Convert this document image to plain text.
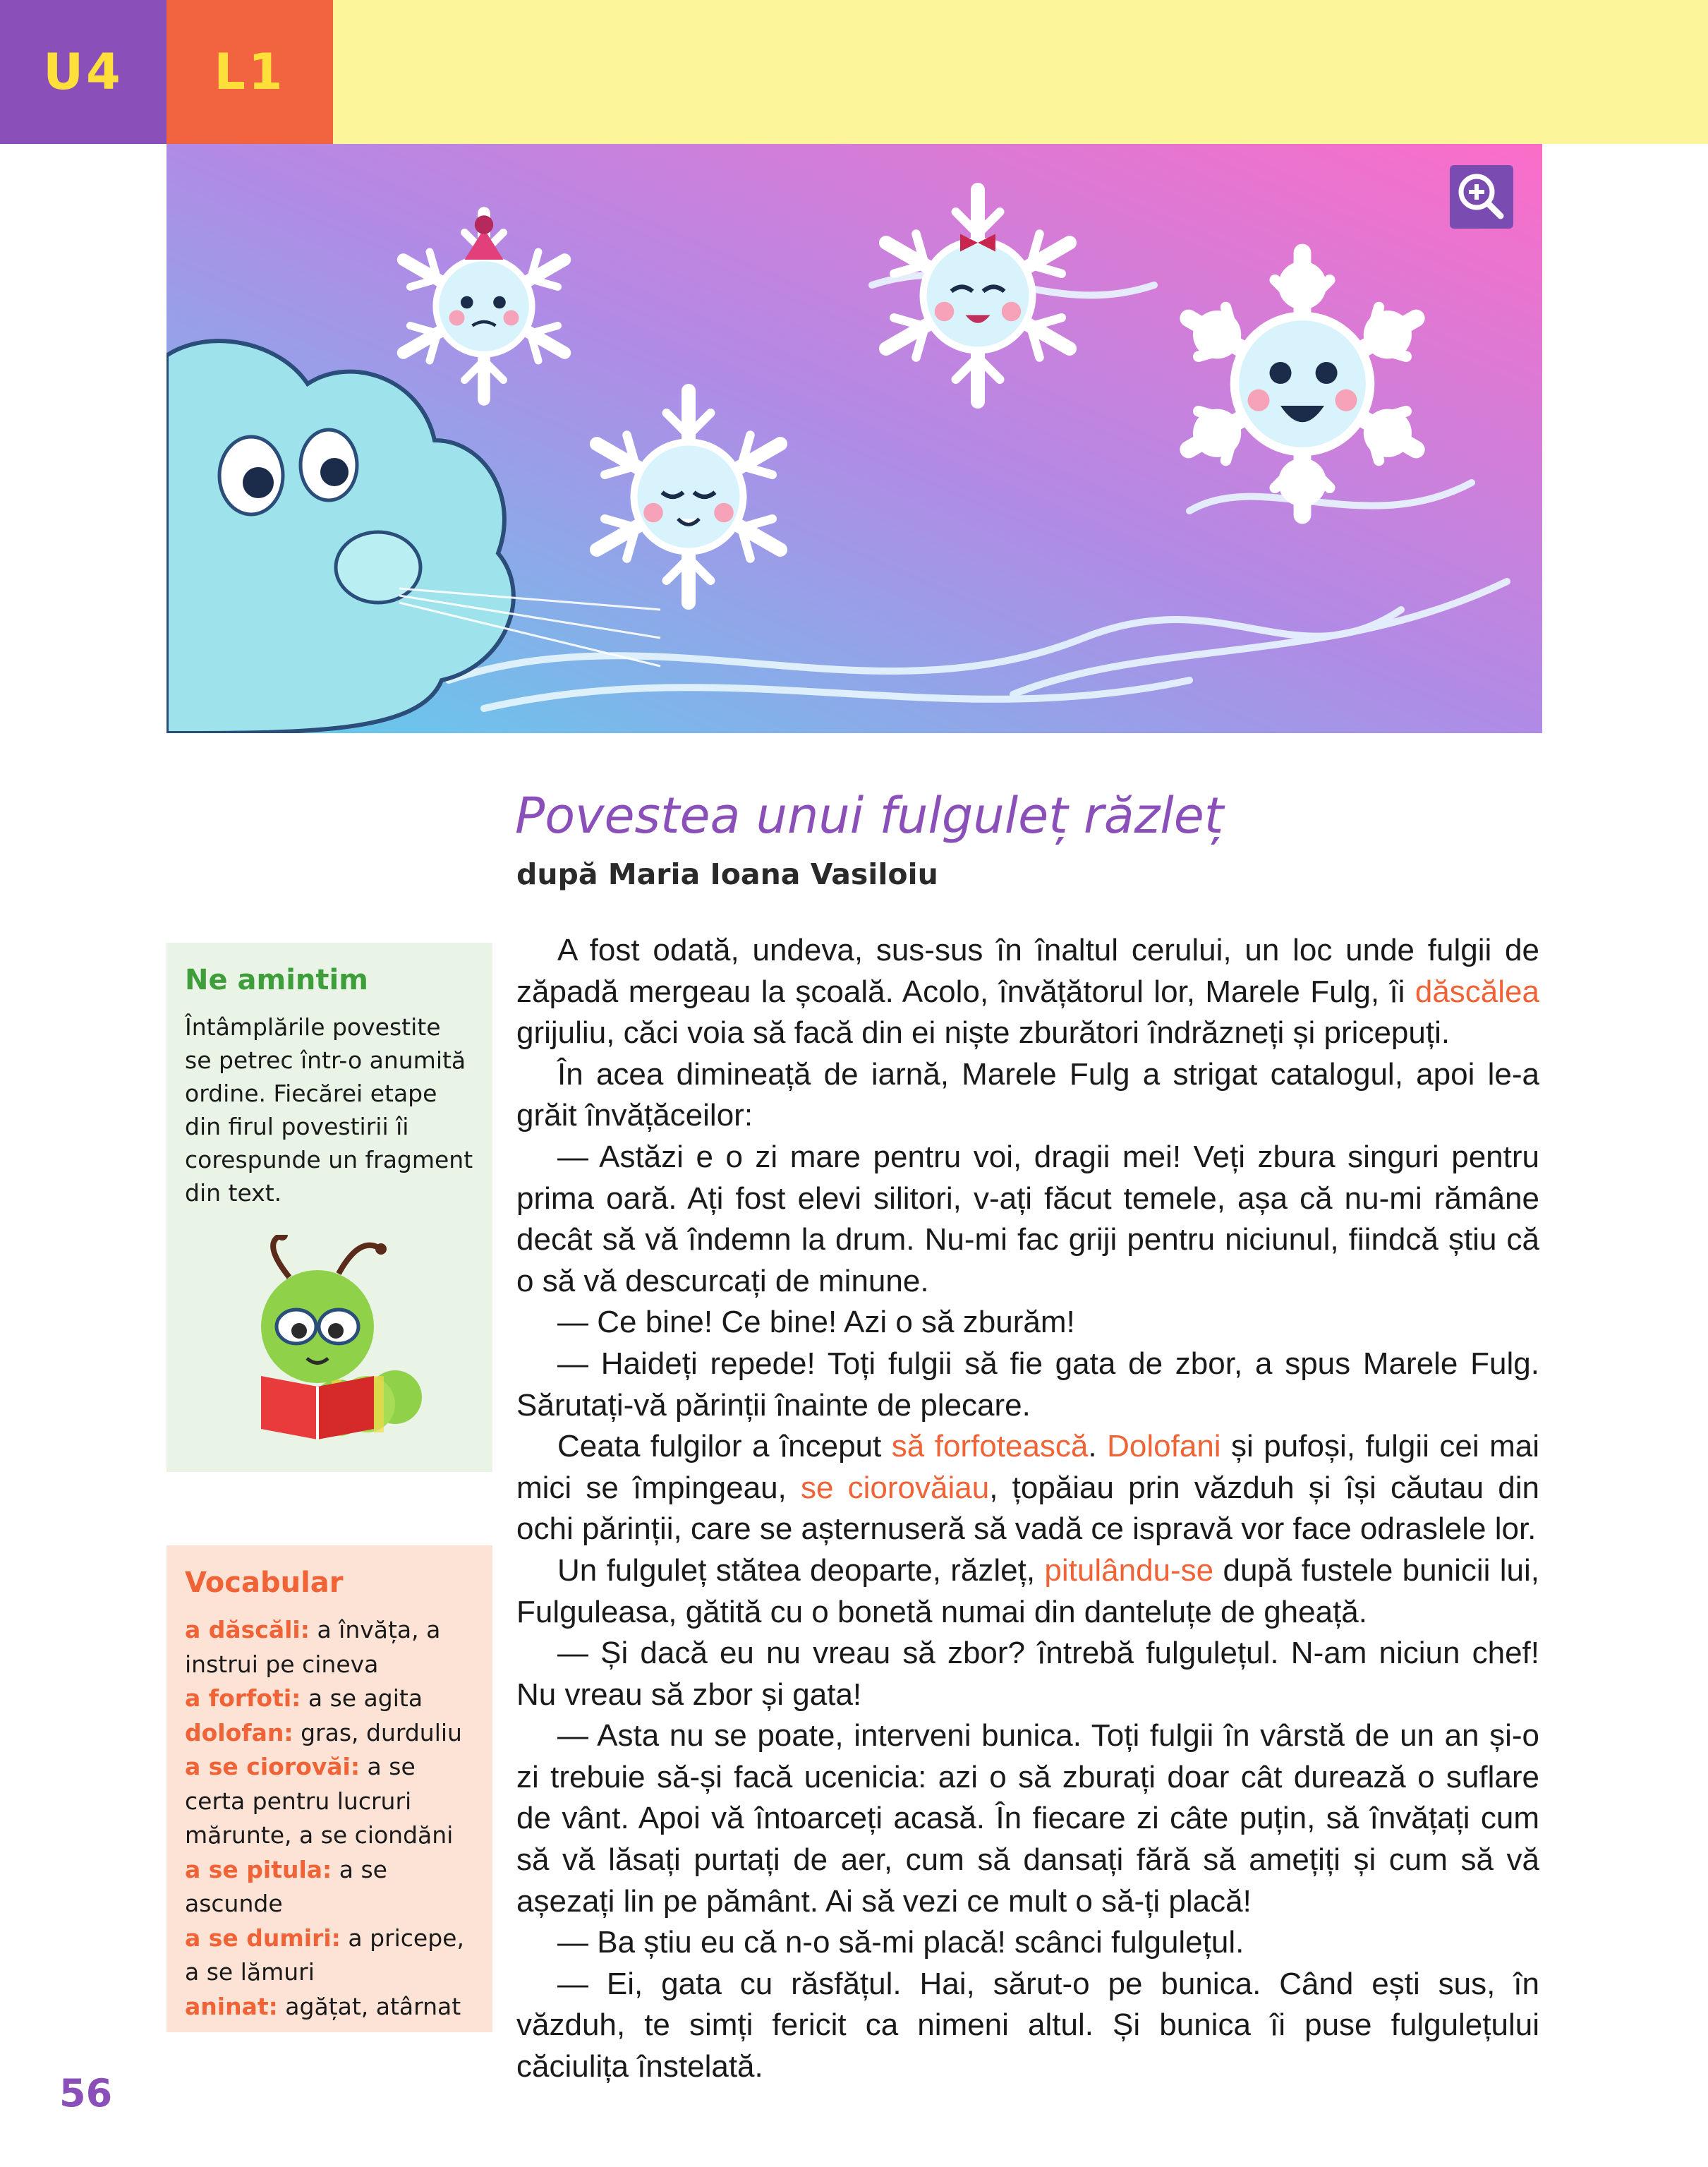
U4 L1
Povestea unui fulguleț răzleț
după Maria Ioana Vasiloiu

A fost odată, undeva, sus-sus în înaltul cerului, un loc unde fulgii de zăpadă mergeau la școală. Acolo, învățătorul lor, Marele Fulg, îi dăscălea grijuliu, căci voia să facă din ei niște zburători îndrăzneți și pricepuți.

În acea dimineață de iarnă, Marele Fulg a strigat catalogul, apoi le-a grăit învățăceilor:

— Astăzi e o zi mare pentru voi, dragii mei! Veți zbura singuri pentru prima oară. Ați fost elevi silitori, v-ați făcut temele, așa că nu-mi rămâne decât să vă îndemn la drum. Nu-mi fac griji pentru niciunul, fiindcă știu că o să vă descurcați de minune.

— Ce bine! Ce bine! Azi o să zburăm!

— Haideți repede! Toți fulgii să fie gata de zbor, a spus Marele Fulg. Sărutați-vă părinții înainte de plecare.

Ceata fulgilor a început să forfotească. Dolofani și pufoși, fulgii cei mai mici se împingeau, se ciorovăiau, țopăiau prin văzduh și își căutau din ochi părinții, care se așternuseră să vadă ce ispravă vor face odraslele lor.

Un fulguleț stătea deoparte, răzleț, pitulându-se după fustele bunicii lui, Fulguleasa, gătită cu o bonetă numai din danteluțe de gheață.

— Și dacă eu nu vreau să zbor? întrebă fulgulețul. N-am niciun chef! Nu vreau să zbor și gata!

— Asta nu se poate, interveni bunica. Toți fulgii în vârstă de un an și-o zi trebuie să-și facă ucenicia: azi o să zburați doar cât durează o suflare de vânt. Apoi vă întoarceți acasă. În fiecare zi câte puțin, să învățați cum să vă lăsați purtați de aer, cum să dansați fără să amețiți și cum să vă așezați lin pe pământ. Ai să vezi ce mult o să-ți placă!

— Ba știu eu că n-o să-mi placă! scânci fulgulețul.

— Ei, gata cu răsfățul. Hai, sărut-o pe bunica. Când ești sus, în văzduh, te simți fericit ca nimeni altul. Și bunica îi puse fulgulețului căciulița înstelată.

Ne amintim
Întâmplările povestite se petrec într-o anumită ordine. Fiecărei etape din firul povestirii îi corespunde un fragment din text.
Vocabular
a dăscăli: a învăța, a instrui pe cineva
a forfoti: a se agita
dolofan: gras, durduliu
a se ciorovăi: a se certa pentru lucruri mărunte, a se ciondăni
a se pitula: a se ascunde
a se dumiri: a pricepe, a se lămuri
aninat: agățat, atârnat
56
